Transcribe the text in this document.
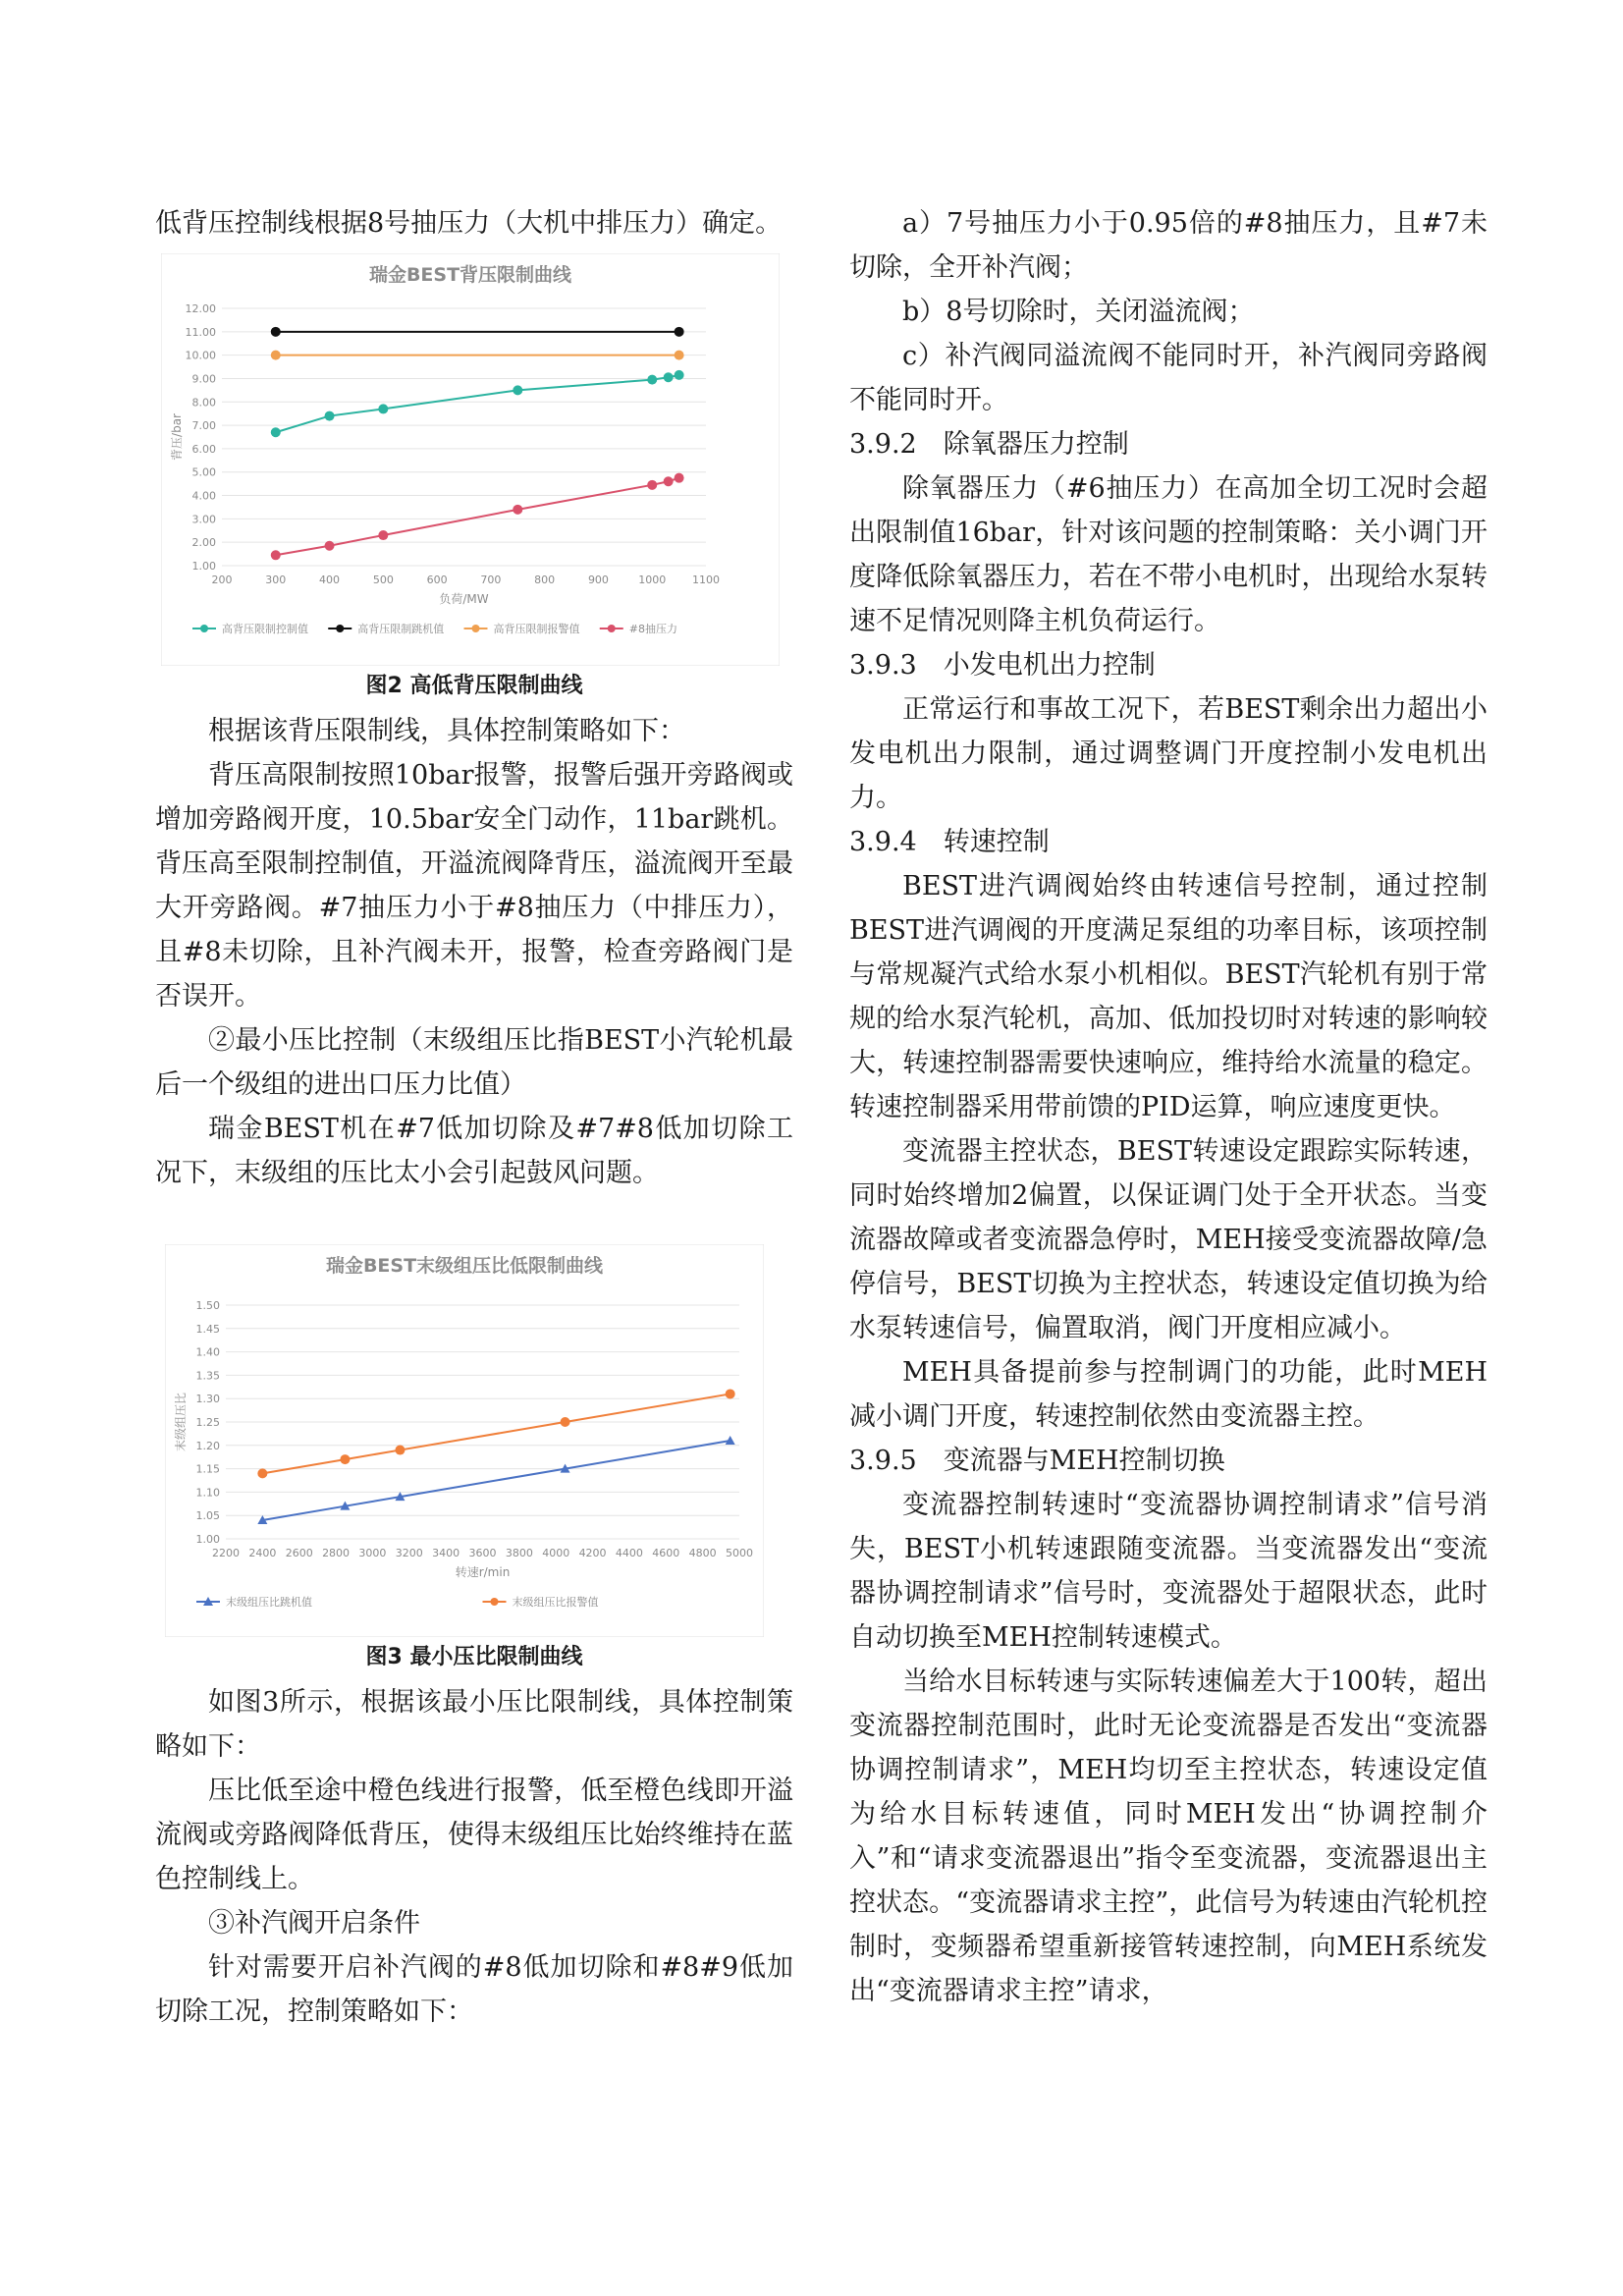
低背压控制线根据8号抽压力（大机中排压力）确定。

瑞金BEST背压限制曲线
1.00
2.00
3.00
4.00
5.00
6.00
7.00
8.00
9.00
10.00
11.00
12.00
200	300	400	500	600	700	800	900	1000 1100
负荷/MW
背压/bar
高背压限制控制值	高背压限制跳机值	高背压限制报警值	#8抽压力
图2 高低背压限制曲线

根据该背压限制线，具体控制策略如下：

背压高限制按照10bar报警，报警后强开旁路阀或增加旁路阀开度，10.5bar安全门动作，11bar跳机。背压高至限制控制值，开溢流阀降背压，溢流阀开至最大开旁路阀。#7抽压力小于#8抽压力（中排压力），且#8未切除，且补汽阀未开，报警，检查旁路阀门是否误开。

②最小压比控制（末级组压比指BEST小汽轮机最后一个级组的进出口压力比值）

瑞金BEST机在#7低加切除及#7#8低加切除工况下，末级组的压比太小会引起鼓风问题。

瑞金BEST末级组压比低限制曲线
1.00
1.05
1.10
1.15
1.20
1.25
1.30
1.35
1.40
1.45
1.50
2200 2400 2600 2800 3000 3200 3400 3600 3800 4000 4200 4400 4600 4800 5000
转速r/min
末级组压比
末级组压比跳机值	末级组压比报警值
图3 最小压比限制曲线

如图3所示，根据该最小压比限制线，具体控制策略如下：

压比低至途中橙色线进行报警，低至橙色线即开溢流阀或旁路阀降低背压，使得末级组压比始终维持在蓝色控制线上。

③补汽阀开启条件

针对需要开启补汽阀的#8低加切除和#8#9低加切除工况，控制策略如下：

a）7号抽压力小于0.95倍的#8抽压力，且#7未切除，全开补汽阀；

b）8号切除时，关闭溢流阀；

c）补汽阀同溢流阀不能同时开，补汽阀同旁路阀不能同时开。

3.9.2　除氧器压力控制

除氧器压力（#6抽压力）在高加全切工况时会超出限制值16bar，针对该问题的控制策略：关小调门开度降低除氧器压力，若在不带小电机时，出现给水泵转速不足情况则降主机负荷运行。

3.9.3　小发电机出力控制

正常运行和事故工况下，若BEST剩余出力超出小发电机出力限制，通过调整调门开度控制小发电机出力。

3.9.4　转速控制

BEST进汽调阀始终由转速信号控制，通过控制BEST进汽调阀的开度满足泵组的功率目标，该项控制与常规凝汽式给水泵小机相似。BEST汽轮机有别于常规的给水泵汽轮机，高加、低加投切时对转速的影响较大，转速控制器需要快速响应，维持给水流量的稳定。转速控制器采用带前馈的PID运算，响应速度更快。

变流器主控状态，BEST转速设定跟踪实际转速，同时始终增加2偏置，以保证调门处于全开状态。当变流器故障或者变流器急停时，MEH接受变流器故障/急停信号，BEST切换为主控状态，转速设定值切换为给水泵转速信号，偏置取消，阀门开度相应减小。

MEH具备提前参与控制调门的功能，此时MEH减小调门开度，转速控制依然由变流器主控。

3.9.5　变流器与MEH控制切换

变流器控制转速时“变流器协调控制请求”信号消失，BEST小机转速跟随变流器。当变流器发出“变流器协调控制请求”信号时，变流器处于超限状态，此时自动切换至MEH控制转速模式。

当给水目标转速与实际转速偏差大于100转，超出变流器控制范围时，此时无论变流器是否发出“变流器协调控制请求”，MEH均切至主控状态，转速设定值为给水目标转速值，同时MEH发出“协调控制介入”和“请求变流器退出”指令至变流器，变流器退出主控状态。“变流器请求主控”，此信号为转速由汽轮机控制时，变频器希望重新接管转速控制，向MEH系统发出“变流器请求主控”请求，
